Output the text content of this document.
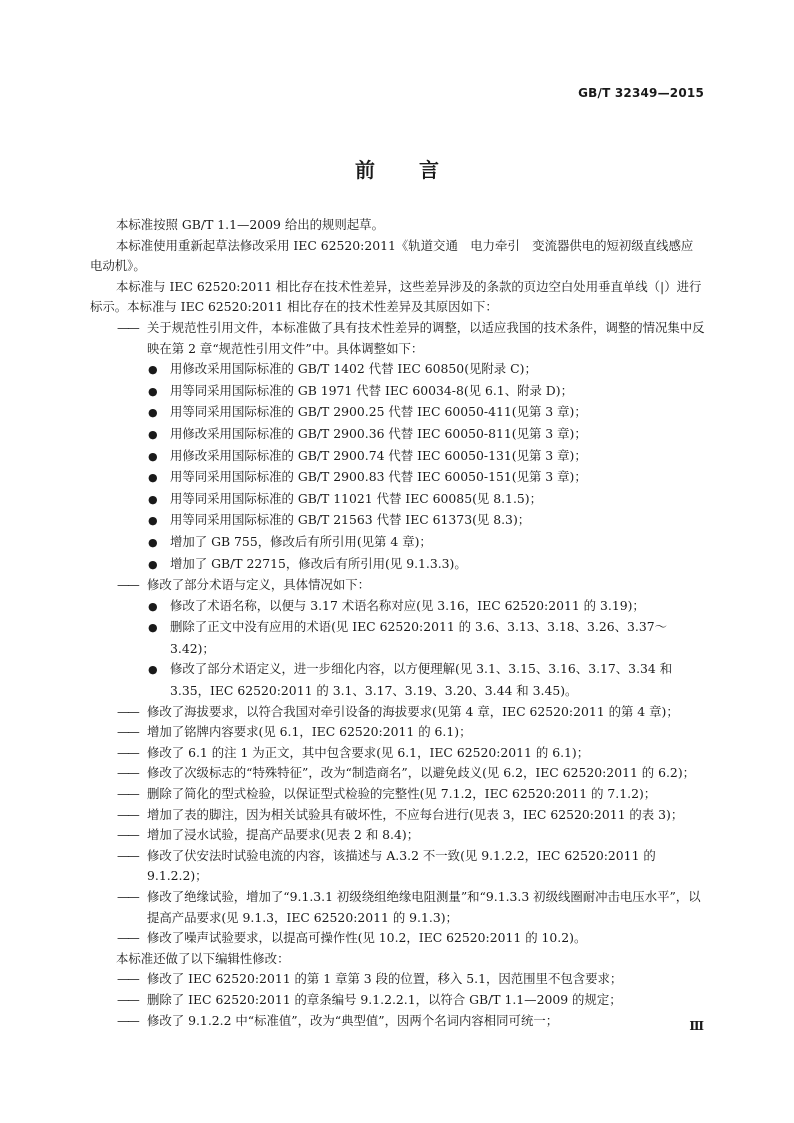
GB/T 32349—2015
前言

本标准按照 GB/T 1.1—2009 给出的规则起草。

本标准使用重新起草法修改采用 IEC 62520:2011《轨道交通　电力牵引　变流器供电的短初级直线感应电动机》。

本标准与 IEC 62520:2011 相比存在技术性差异，这些差异涉及的条款的页边空白处用垂直单线（|）进行标示。本标准与 IEC 62520:2011 相比存在的技术性差异及其原因如下：

—— 关于规范性引用文件，本标准做了具有技术性差异的调整，以适应我国的技术条件，调整的情况集中反映在第 2 章“规范性引用文件”中。具体调整如下：

● 用修改采用国际标准的 GB/T 1402 代替 IEC 60850(见附录 C)；

● 用等同采用国际标准的 GB 1971 代替 IEC 60034-8(见 6.1、附录 D)；

● 用等同采用国际标准的 GB/T 2900.25 代替 IEC 60050-411(见第 3 章)；

● 用修改采用国际标准的 GB/T 2900.36 代替 IEC 60050-811(见第 3 章)；

● 用修改采用国际标准的 GB/T 2900.74 代替 IEC 60050-131(见第 3 章)；

● 用等同采用国际标准的 GB/T 2900.83 代替 IEC 60050-151(见第 3 章)；

● 用等同采用国际标准的 GB/T 11021 代替 IEC 60085(见 8.1.5)；

● 用等同采用国际标准的 GB/T 21563 代替 IEC 61373(见 8.3)；

● 增加了 GB 755，修改后有所引用(见第 4 章)；

● 增加了 GB/T 22715，修改后有所引用(见 9.1.3.3)。

—— 修改了部分术语与定义，具体情况如下：

● 修改了术语名称，以便与 3.17 术语名称对应(见 3.16，IEC 62520:2011 的 3.19)；

● 删除了正文中没有应用的术语(见 IEC 62520:2011 的 3.6、3.13、3.18、3.26、3.37～3.42)；

● 修改了部分术语定义，进一步细化内容，以方便理解(见 3.1、3.15、3.16、3.17、3.34 和 3.35，IEC 62520:2011 的 3.1、3.17、3.19、3.20、3.44 和 3.45)。

—— 修改了海拔要求，以符合我国对牵引设备的海拔要求(见第 4 章，IEC 62520:2011 的第 4 章)；

—— 增加了铭牌内容要求(见 6.1，IEC 62520:2011 的 6.1)；

—— 修改了 6.1 的注 1 为正文，其中包含要求(见 6.1，IEC 62520:2011 的 6.1)；

—— 修改了次级标志的“特殊特征”，改为“制造商名”，以避免歧义(见 6.2，IEC 62520:2011 的 6.2)；

—— 删除了简化的型式检验，以保证型式检验的完整性(见 7.1.2，IEC 62520:2011 的 7.1.2)；

—— 增加了表的脚注，因为相关试验具有破坏性，不应每台进行(见表 3，IEC 62520:2011 的表 3)；

—— 增加了浸水试验，提高产品要求(见表 2 和 8.4)；

—— 修改了伏安法时试验电流的内容，该描述与 A.3.2 不一致(见 9.1.2.2，IEC 62520:2011 的 9.1.2.2)；

—— 修改了绝缘试验，增加了“9.1.3.1 初级绕组绝缘电阻测量”和“9.1.3.3 初级线圈耐冲击电压水平”，以提高产品要求(见 9.1.3，IEC 62520:2011 的 9.1.3)；

—— 修改了噪声试验要求，以提高可操作性(见 10.2，IEC 62520:2011 的 10.2)。

本标准还做了以下编辑性修改：

—— 修改了 IEC 62520:2011 的第 1 章第 3 段的位置，移入 5.1，因范围里不包含要求；

—— 删除了 IEC 62520:2011 的章条编号 9.1.2.2.1，以符合 GB/T 1.1—2009 的规定；

—— 修改了 9.1.2.2 中“标准值”，改为“典型值”，因两个名词内容相同可统一；	Ⅲ
